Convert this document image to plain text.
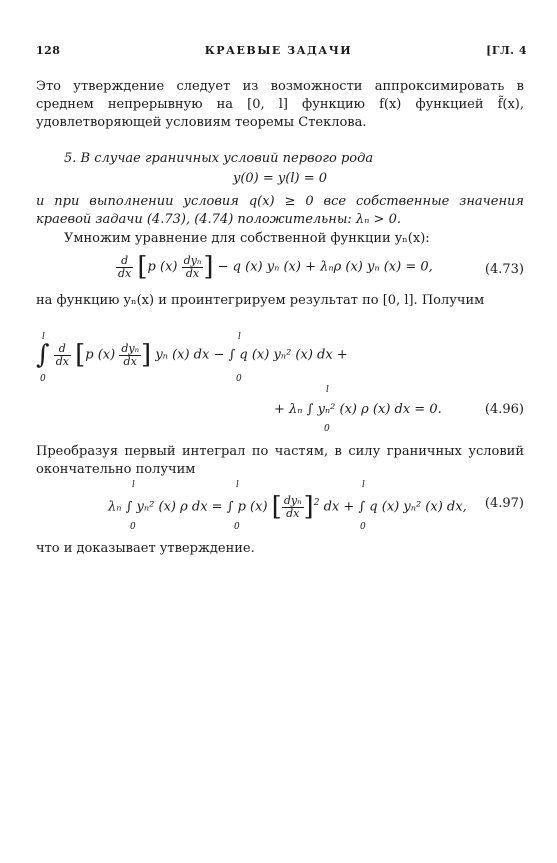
КРАЕВЫЕ ЗАДАЧИ
128	[ГЛ. 4
Это утверждение следует из возможности аппроксимировать в среднем непрерывную на [0, l] функцию f(x) функцией f̃(x), удовлетворяющей условиям теоремы Стеклова.
5. В случае граничных условий первого рода
y(0) = y(l) = 0
и при выполнении условия q(x) ≥ 0 все собственные значения краевой задачи (4.73), (4.74) положительны: λₙ > 0.
Умножим уравнение для собственной функции yₙ(x):
$\frac{d}{dx} [p$ $(x) \frac{\text{dyₙ}}{dx}$ ] − q (x) yₙ (x) + λₙρ (x) yₙ (x) = 0,	(4.73)
на функцию yₙ(x) и проинтегрируем результат по [0, l]. Получим
l
0
∫ $\frac{d}{dx} [p$ $(x) \frac{\text{dyₙ}}{dx}$ ] yₙ (x) dx − ∫ q (x) yₙ² (x) dx +
l
0
l
0
+ λₙ ∫ yₙ² (x) ρ (x) dx = 0.	(4.96)
Преобразуя первый интеграл по частям, в силу граничных условий окончательно получим
l
0
l
0
l
0
λₙ ∫ yₙ² (x) ρ dx = ∫ p (x) [ $\frac{\text{dyₙ}}{dx} ]^2$ dx + ∫ q (x) yₙ² (x) dx, (4.97)
что и доказывает утверждение.
